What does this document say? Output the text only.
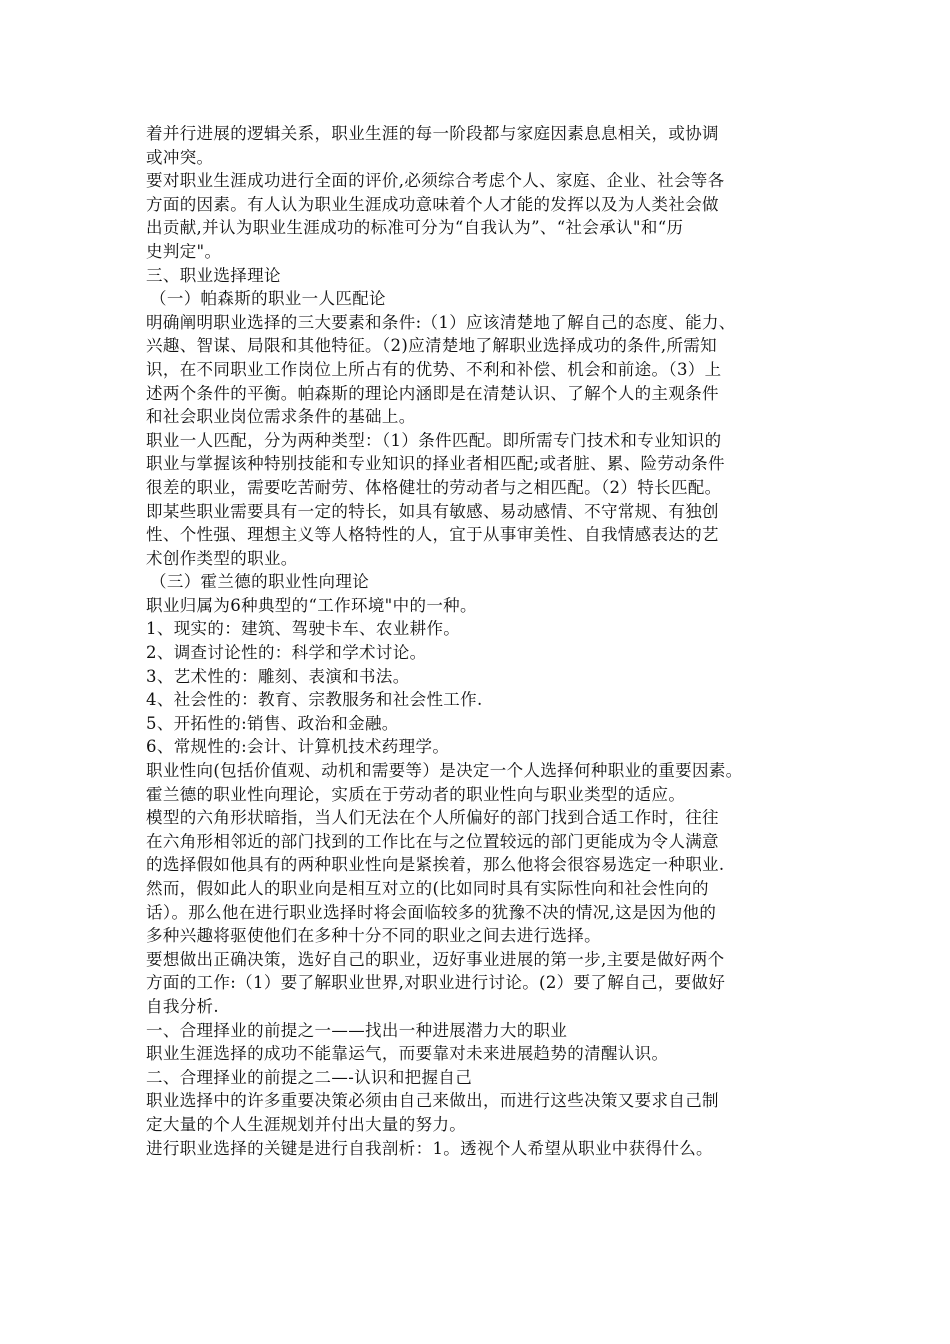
着并行进展的逻辑关系，职业生涯的每一阶段都与家庭因素息息相关，或协调
或冲突。
要对职业生涯成功进行全面的评价,必须综合考虑个人、家庭、企业、社会等各
方面的因素。有人认为职业生涯成功意味着个人才能的发挥以及为人类社会做
出贡献,并认为职业生涯成功的标准可分为“自我认为”、“社会承认"和“历
史判定"。
三、职业选择理论
（一）帕森斯的职业一人匹配论
明确阐明职业选择的三大要素和条件:（1）应该清楚地了解自己的态度、能力、
兴趣、智谋、局限和其他特征。（2)应清楚地了解职业选择成功的条件,所需知
识，在不同职业工作岗位上所占有的优势、不利和补偿、机会和前途。（3）上
述两个条件的平衡。帕森斯的理论内涵即是在清楚认识、了解个人的主观条件
和社会职业岗位需求条件的基础上。
职业一人匹配，分为两种类型：（1）条件匹配。即所需专门技术和专业知识的
职业与掌握该种特别技能和专业知识的择业者相匹配;或者脏、累、险劳动条件
很差的职业，需要吃苦耐劳、体格健壮的劳动者与之相匹配。（2）特长匹配。
即某些职业需要具有一定的特长，如具有敏感、易动感情、不守常规、有独创
性、个性强、理想主义等人格特性的人，宜于从事审美性、自我情感表达的艺
术创作类型的职业。
（三）霍兰德的职业性向理论
职业归属为6种典型的“工作环境"中的一种。
1、现实的：建筑、驾驶卡车、农业耕作。
2、调查讨论性的：科学和学术讨论。
3、艺术性的：雕刻、表演和书法。
4、社会性的：教育、宗教服务和社会性工作.
5、开拓性的:销售、政治和金融。
6、常规性的:会计、计算机技术药理学。
职业性向(包括价值观、动机和需要等）是决定一个人选择何种职业的重要因素。
霍兰德的职业性向理论，实质在于劳动者的职业性向与职业类型的适应。
模型的六角形状暗指，当人们无法在个人所偏好的部门找到合适工作时，往往
在六角形相邻近的部门找到的工作比在与之位置较远的部门更能成为令人满意
的选择假如他具有的两种职业性向是紧挨着，那么他将会很容易选定一种职业.
然而，假如此人的职业向是相互对立的(比如同时具有实际性向和社会性向的
话）。那么他在进行职业选择时将会面临较多的犹豫不决的情况,这是因为他的
多种兴趣将驱使他们在多种十分不同的职业之间去进行选择。
要想做出正确决策，选好自己的职业，迈好事业进展的第一步,主要是做好两个
方面的工作:（1）要了解职业世界,对职业进行讨论。(2）要了解自己，要做好
自我分析.
一、合理择业的前提之一——找出一种进展潜力大的职业
职业生涯选择的成功不能靠运气，而要靠对未来进展趋势的清醒认识。
二、合理择业的前提之二—-认识和把握自己
职业选择中的许多重要决策必须由自己来做出，而进行这些决策又要求自己制
定大量的个人生涯规划并付出大量的努力。
进行职业选择的关键是进行自我剖析：1。透视个人希望从职业中获得什么。
